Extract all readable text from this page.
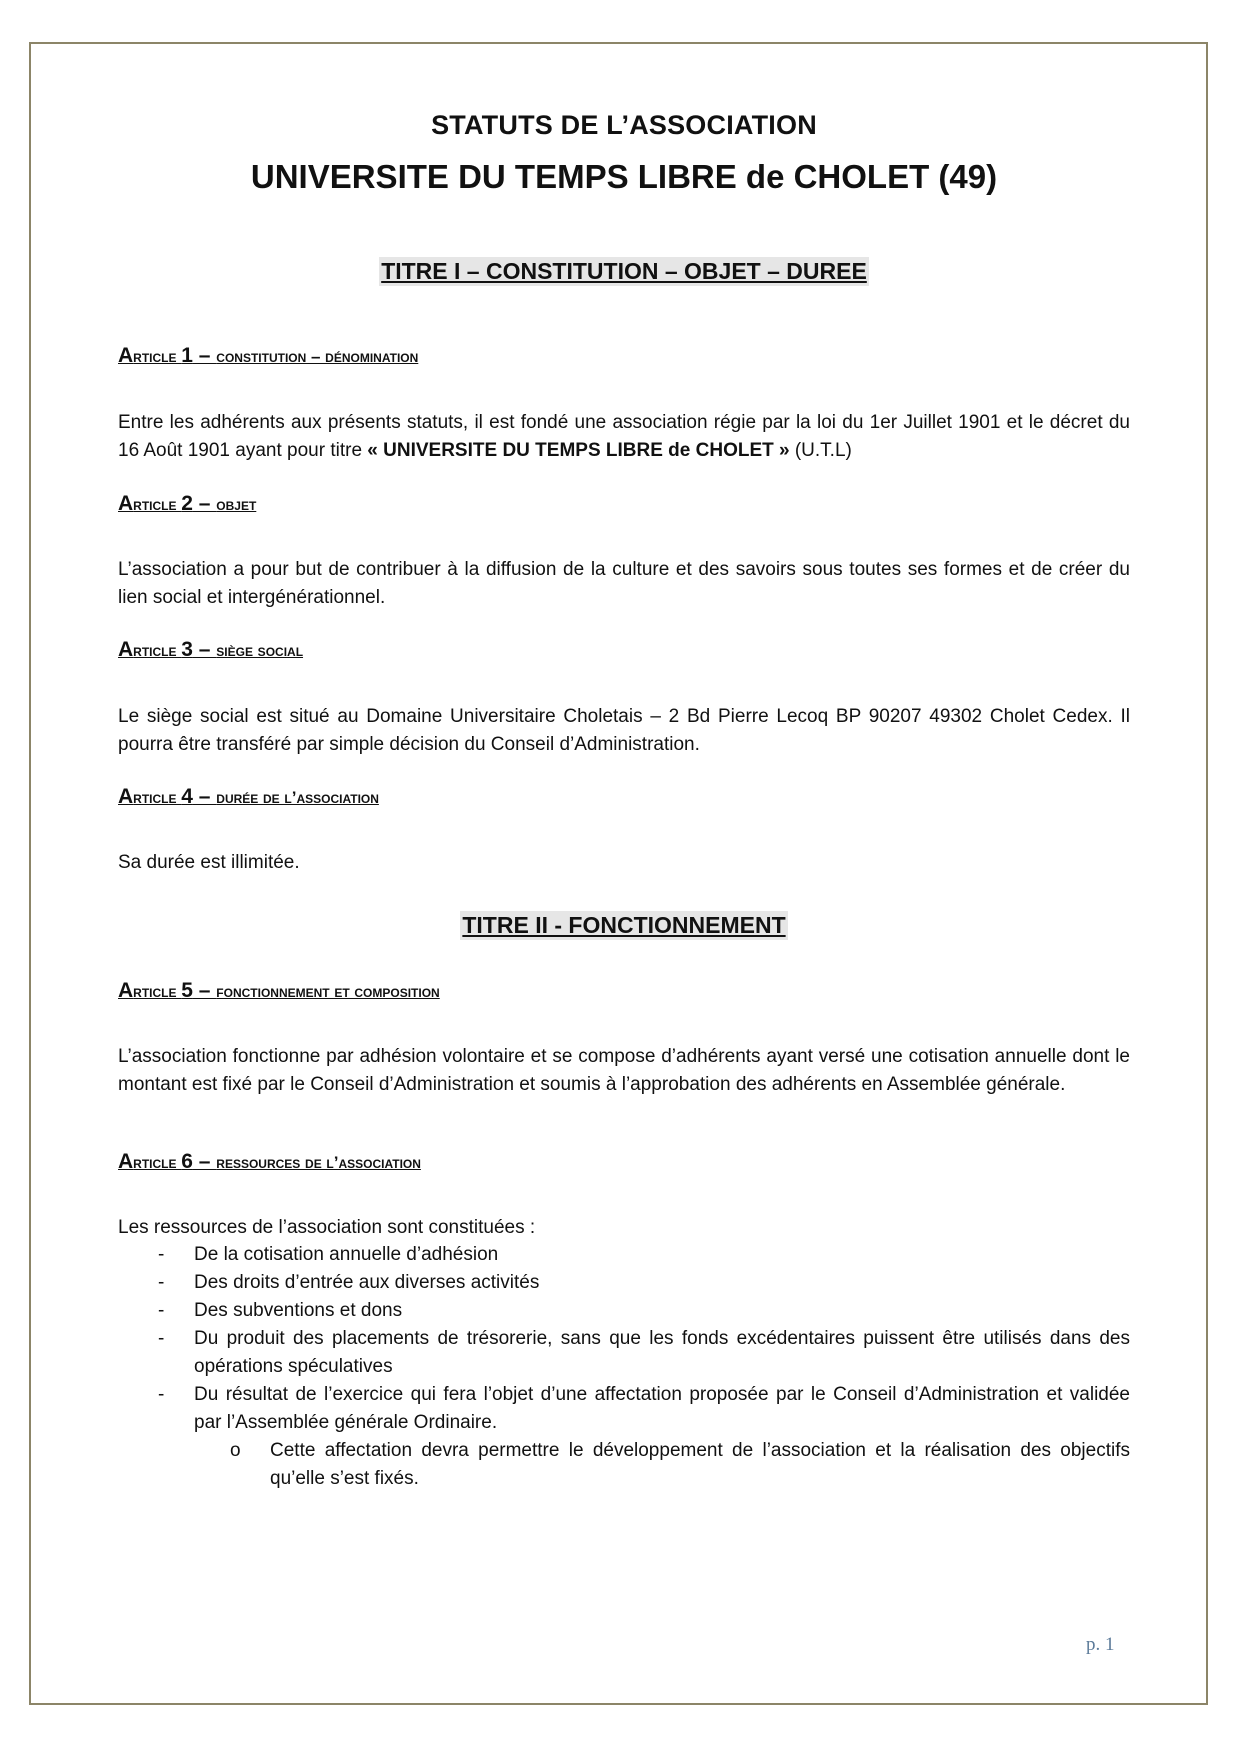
STATUTS DE L’ASSOCIATION
UNIVERSITE DU TEMPS LIBRE de CHOLET (49)
TITRE I – CONSTITUTION – OBJET – DUREE
Article 1 – constitution – dénomination
Entre les adhérents aux présents statuts, il est fondé une association régie par la loi du 1er Juillet 1901 et le décret du 16 Août 1901 ayant pour titre « UNIVERSITE DU TEMPS LIBRE de CHOLET » (U.T.L)
Article 2 – objet
L’association a pour but de contribuer à la diffusion de la culture et des savoirs sous toutes ses formes et de créer du lien social et intergénérationnel.
Article 3 – siège social
Le siège social est situé au Domaine Universitaire Choletais – 2 Bd Pierre Lecoq BP 90207 49302 Cholet Cedex. Il pourra être transféré par simple décision du Conseil d’Administration.
Article 4 – durée de l’association
Sa durée est illimitée.
TITRE II - FONCTIONNEMENT
Article 5 – fonctionnement et composition
L’association fonctionne par adhésion volontaire et se compose d’adhérents ayant versé une cotisation annuelle dont le montant est fixé par le Conseil d’Administration et soumis à l’approbation des adhérents en Assemblée générale.
Article 6 – ressources de l’association
Les ressources de l’association sont constituées :
- De la cotisation annuelle d’adhésion
- Des droits d’entrée aux diverses activités
- Des subventions et dons
- Du produit des placements de trésorerie, sans que les fonds excédentaires puissent être utilisés dans des opérations spéculatives
- Du résultat de l’exercice qui fera l’objet d’une affectation proposée par le Conseil d’Administration et validée par l’Assemblée générale Ordinaire.
o Cette affectation devra permettre le développement de l’association et la réalisation des objectifs qu’elle s’est fixés.
p. 1
